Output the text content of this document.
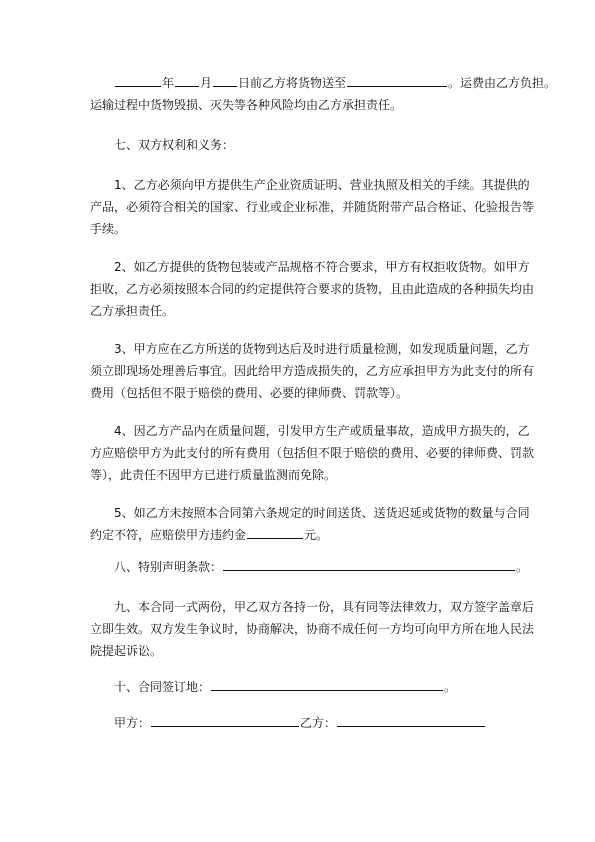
年 月 日前乙方将货物送至	。运费由乙方负担。
运输过程中货物毁损、灭失等各种风险均由乙方承担责任。
七、双方权利和义务：
1、乙方必须向甲方提供生产企业资质证明、营业执照及相关的手续。其提供的
产品，必须符合相关的国家、行业或企业标准，并随货附带产品合格证、化验报告等
手续。
2、如乙方提供的货物包装或产品规格不符合要求，甲方有权拒收货物。如甲方
拒收，乙方必须按照本合同的约定提供符合要求的货物，且由此造成的各种损失均由
乙方承担责任。
3、甲方应在乙方所送的货物到达后及时进行质量检测，如发现质量问题，乙方
须立即现场处理善后事宜。因此给甲方造成损失的，乙方应承担甲方为此支付的所有
费用（包括但不限于赔偿的费用、必要的律师费、罚款等）。
4、因乙方产品内在质量问题，引发甲方生产或质量事故，造成甲方损失的，乙
方应赔偿甲方为此支付的所有费用（包括但不限于赔偿的费用、必要的律师费、罚款
等），此责任不因甲方已进行质量监测而免除。
5、如乙方未按照本合同第六条规定的时间送货、送货迟延或货物的数量与合同
约定不符，应赔偿甲方违约金	元。
八、特别声明条款：	。
九、本合同一式两份，甲乙双方各持一份，具有同等法律效力，双方签字盖章后
立即生效。双方发生争议时，协商解决，协商不成任何一方均可向甲方所在地人民法
院提起诉讼。
十、合同签订地：	。
甲方：	乙方：
